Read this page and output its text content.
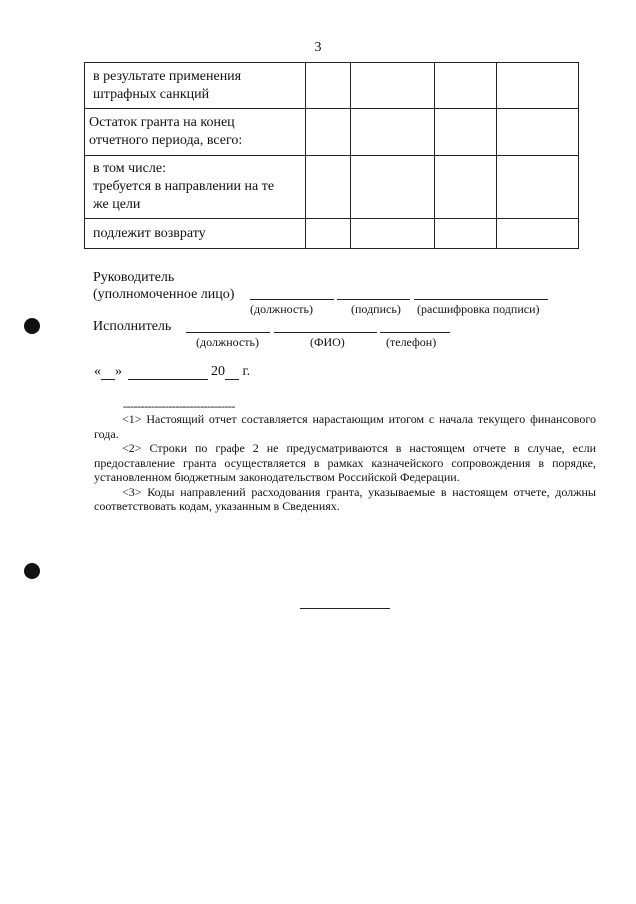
3
в результате применения
штрафных санкций				

Остаток гранта на конец
отчетного периода, всего:				

в том числе:
требуется в направлении на те
же цели				

подлежит возврату				

Руководитель
(уполномоченное лицо)
(должность)	(подпись) (расшифровка подписи)
Исполнитель
(должность)	(ФИО)	(телефон)
« »	20 г.
--------------------------------

<1> Настоящий отчет составляется нарастающим итогом с начала текущего финансового года.

<2> Строки по графе 2 не предусматриваются в настоящем отчете в случае, если предоставление гранта осуществляется в рамках казначейского сопровождения в порядке, установленном бюджетным законодательством Российской Федерации.

<3> Коды направлений расходования гранта, указываемые в настоящем отчете, должны соответствовать кодам, указанным в Сведениях.
